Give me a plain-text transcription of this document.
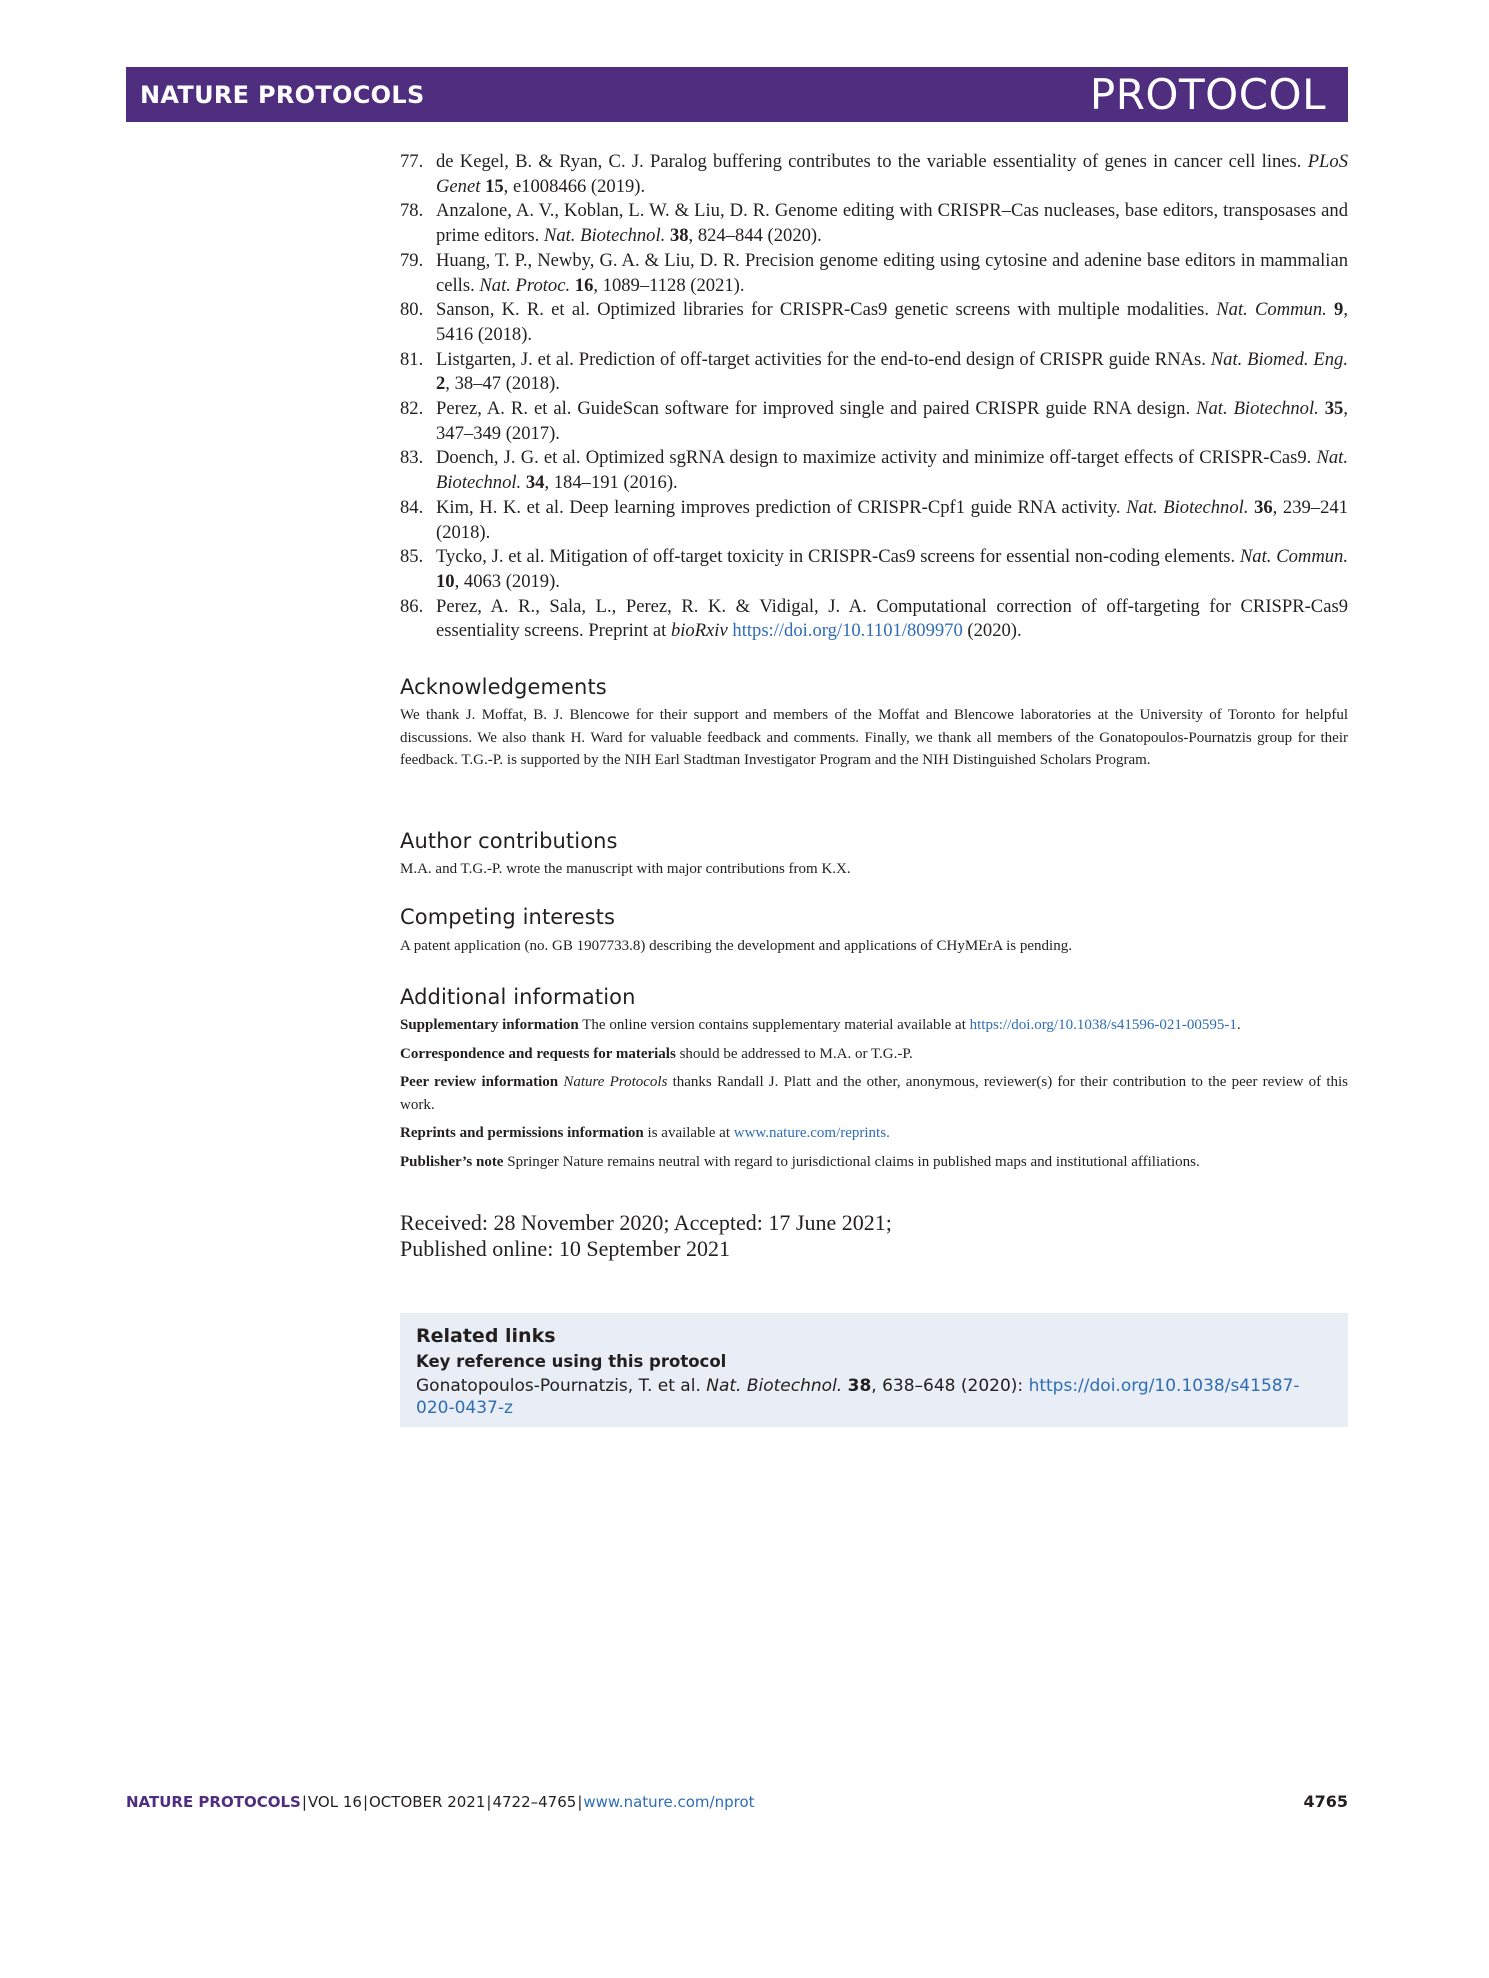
NATURE PROTOCOLS	PROTOCOL
77. de Kegel, B. & Ryan, C. J. Paralog buffering contributes to the variable essentiality of genes in cancer cell lines. PLoS Genet 15, e1008466 (2019).
78. Anzalone, A. V., Koblan, L. W. & Liu, D. R. Genome editing with CRISPR–Cas nucleases, base editors, transposases and prime editors. Nat. Biotechnol. 38, 824–844 (2020).
79. Huang, T. P., Newby, G. A. & Liu, D. R. Precision genome editing using cytosine and adenine base editors in mammalian cells. Nat. Protoc. 16, 1089–1128 (2021).
80. Sanson, K. R. et al. Optimized libraries for CRISPR-Cas9 genetic screens with multiple modalities. Nat. Commun. 9, 5416 (2018).
81. Listgarten, J. et al. Prediction of off-target activities for the end-to-end design of CRISPR guide RNAs. Nat. Biomed. Eng. 2, 38–47 (2018).
82. Perez, A. R. et al. GuideScan software for improved single and paired CRISPR guide RNA design. Nat. Biotechnol. 35, 347–349 (2017).
83. Doench, J. G. et al. Optimized sgRNA design to maximize activity and minimize off-target effects of CRISPR-Cas9. Nat. Biotechnol. 34, 184–191 (2016).
84. Kim, H. K. et al. Deep learning improves prediction of CRISPR-Cpf1 guide RNA activity. Nat. Biotechnol. 36, 239–241 (2018).
85. Tycko, J. et al. Mitigation of off-target toxicity in CRISPR-Cas9 screens for essential non-coding elements. Nat. Commun. 10, 4063 (2019).
86. Perez, A. R., Sala, L., Perez, R. K. & Vidigal, J. A. Computational correction of off-targeting for CRISPR-Cas9 essentiality screens. Preprint at bioRxiv https://doi.org/10.1101/809970 (2020).
Acknowledgements

We thank J. Moffat, B. J. Blencowe for their support and members of the Moffat and Blencowe laboratories at the University of Toronto for helpful discussions. We also thank H. Ward for valuable feedback and comments. Finally, we thank all members of the Gonatopoulos-Pournatzis group for their feedback. T.G.-P. is supported by the NIH Earl Stadtman Investigator Program and the NIH Distinguished Scholars Program.

Author contributions

M.A. and T.G.-P. wrote the manuscript with major contributions from K.X.

Competing interests

A patent application (no. GB 1907733.8) describing the development and applications of CHyMErA is pending.

Additional information

Supplementary information The online version contains supplementary material available at https://doi.org/10.1038/s41596-021-00595-1.

Correspondence and requests for materials should be addressed to M.A. or T.G.-P.

Peer review information Nature Protocols thanks Randall J. Platt and the other, anonymous, reviewer(s) for their contribution to the peer review of this work.

Reprints and permissions information is available at www.nature.com/reprints.

Publisher’s note Springer Nature remains neutral with regard to jurisdictional claims in published maps and institutional affiliations.

Received: 28 November 2020; Accepted: 17 June 2021;
Published online: 10 September 2021
Related links
Key reference using this protocol
Gonatopoulos-Pournatzis, T. et al. Nat. Biotechnol. 38, 638–648 (2020): https://doi.org/10.1038/s41587-020-0437-z
NATURE PROTOCOLS|VOL 16|OCTOBER 2021|4722–4765|www.nature.com/nprot	4765
